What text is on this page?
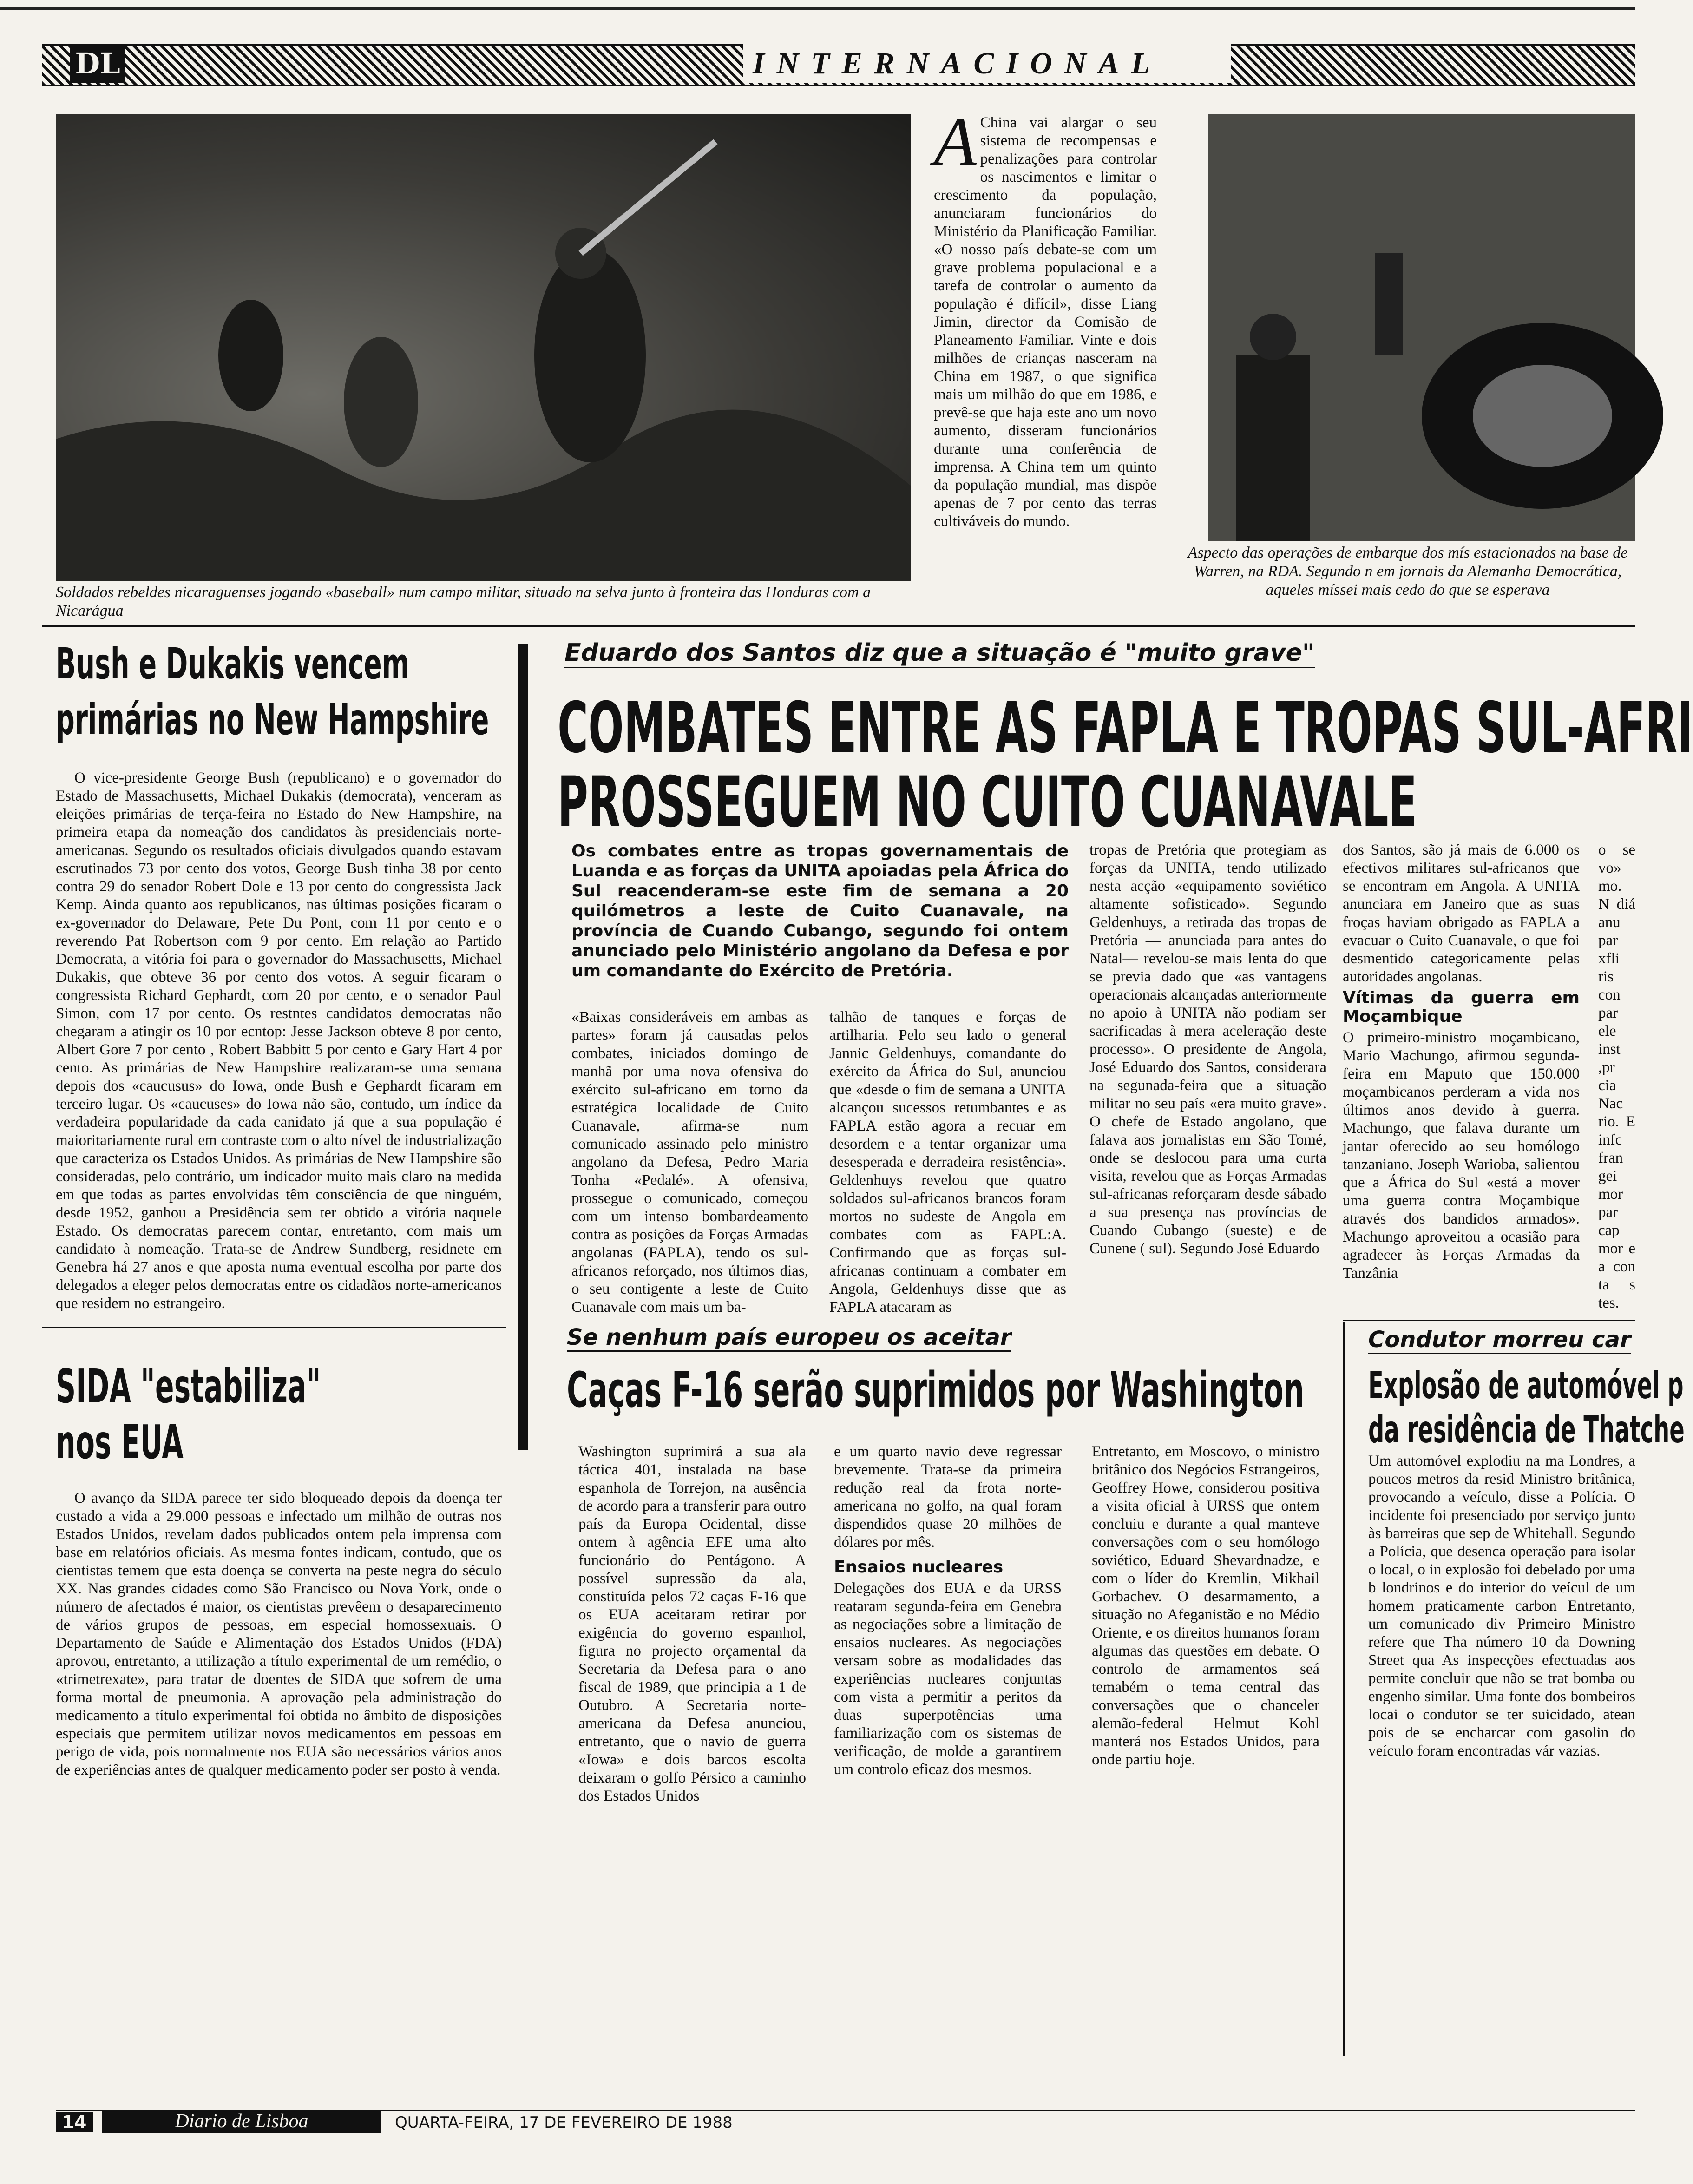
DL	INTERNACIONAL
Soldados rebeldes nicaraguenses jogando «baseball» num campo militar, situado na selva junto à fronteira das Honduras com a Nicarágua
A China vai alargar o seu sistema de recompensas e penalizações para controlar os nascimentos e limitar o crescimento da população, anunciaram funcionários do Ministério da Planificação Familiar. «O nosso país debate-se com um grave problema populacional e a tarefa de controlar o aumento da população é difícil», disse Liang Jimin, director da Comisão de Planeamento Familiar. Vinte e dois milhões de crianças nasceram na China em 1987, o que significa mais um milhão do que em 1986, e prevê-se que haja este ano um novo aumento, disseram funcionários durante uma conferência de imprensa. A China tem um quinto da população mundial, mas dispõe apenas de 7 por cento das terras cultiváveis do mundo.
Aspecto das operações de embarque dos mís estacionados na base de Warren, na RDA. Segundo n em jornais da Alemanha Democrática, aqueles míssei mais cedo do que se esperava
Bush e Dukakis vencem
primárias no New Hampshire

O vice-presidente George Bush (republicano) e o governador do Estado de Massachusetts, Michael Dukakis (democrata), venceram as eleições primárias de terça-feira no Estado do New Hampshire, na primeira etapa da nomeação dos candidatos às presidenciais norte-americanas. Segundo os resultados oficiais divulgados quando estavam escrutinados 73 por cento dos votos, George Bush tinha 38 por cento contra 29 do senador Robert Dole e 13 por cento do congressista Jack Kemp. Ainda quanto aos republicanos, nas últimas posições ficaram o ex-governador do Delaware, Pete Du Pont, com 11 por cento e o reverendo Pat Robertson com 9 por cento. Em relação ao Partido Democrata, a vitória foi para o governador do Massachusetts, Michael Dukakis, que obteve 36 por cento dos votos. A seguir ficaram o congressista Richard Gephardt, com 20 por cento, e o senador Paul Simon, com 17 por cento. Os restntes candidatos democratas não chegaram a atingir os 10 por ecntop: Jesse Jackson obteve 8 por cento, Albert Gore 7 por cento , Robert Babbitt 5 por cento e Gary Hart 4 por cento. As primárias de New Hampshire realizaram-se uma semana depois dos «caucusus» do Iowa, onde Bush e Gephardt ficaram em terceiro lugar. Os «caucuses» do Iowa não são, contudo, um índice da verdadeira popularidade da cada canidato já que a sua população é maioritariamente rural em contraste com o alto nível de industrialização que caracteriza os Estados Unidos. As primárias de New Hampshire são consideradas, pelo contrário, um indicador muito mais claro na medida em que todas as partes envolvidas têm consciência de que ninguém, desde 1952, ganhou a Presidência sem ter obtido a vitória naquele Estado. Os democratas parecem contar, entretanto, com mais um candidato à nomeação. Trata-se de Andrew Sundberg, residnete em Genebra há 27 anos e que aposta numa eventual escolha por parte dos delegados a eleger pelos democratas entre os cidadãos norte-americanos que residem no estrangeiro.

Eduardo dos Santos diz que a situação é "muito grave"
COMBATES ENTRE AS FAPLA E TROPAS SUL-AFRI
PROSSEGUEM NO CUITO CUANAVALE
Os combates entre as tropas governamentais de Luanda e as forças da UNITA apoiadas pela África do Sul reacenderam-se este fim de semana a 20 quilómetros a leste de Cuito Cuanavale, na província de Cuando Cubango, segundo foi ontem anunciado pelo Ministério angolano da Defesa e por um comandante do Exército de Pretória.
«Baixas consideráveis em ambas as partes» foram já causadas pelos combates, iniciados domingo de manhã por uma nova ofensiva do exército sul-africano em torno da estratégica localidade de Cuito Cuanavale, afirma-se num comunicado assinado pelo ministro angolano da Defesa, Pedro Maria Tonha «Pedalé». A ofensiva, prossegue o comunicado, começou com um intenso bombardeamento contra as posições da Forças Armadas angolanas (FAPLA), tendo os sul-africanos reforçado, nos últimos dias, o seu contigente a leste de Cuito Cuanavale com mais um ba-
talhão de tanques e forças de artilharia. Pelo seu lado o general Jannic Geldenhuys, comandante do exército da África do Sul, anunciou que «desde o fim de semana a UNITA alcançou sucessos retumbantes e as FAPLA estão agora a recuar em desordem e a tentar organizar uma desesperada e derradeira resistência». Geldenhuys revelou que quatro soldados sul-africanos brancos foram mortos no sudeste de Angola em combates com as FAPL:A. Confirmando que as forças sul-africanas continuam a combater em Angola, Geldenhuys disse que as FAPLA atacaram as
tropas de Pretória que protegiam as forças da UNITA, tendo utilizado nesta acção «equipamento soviético altamente sofisticado». Segundo Geldenhuys, a retirada das tropas de Pretória — anunciada para antes do Natal— revelou-se mais lenta do que se previa dado que «as vantagens operacionais alcançadas anteriormente no apoio à UNITA não podiam ser sacrificadas à mera aceleração deste processo». O presidente de Angola, José Eduardo dos Santos, considerara na segunada-feira que a situação militar no seu país «era muito grave». O chefe de Estado angolano, que falava aos jornalistas em São Tomé, onde se deslocou para uma curta visita, revelou que as Forças Armadas sul-africanas reforçaram desde sábado a sua presença nas províncias de Cuando Cubango (sueste) e de Cunene ( sul). Segundo José Eduardo
dos Santos, são já mais de 6.000 os efectivos militares sul-africanos que se encontram em Angola. A UNITA anunciara em Janeiro que as suas froças haviam obrigado as FAPLA a evacuar o Cuito Cuanavale, o que foi desmentido categoricamente pelas autoridades angolanas.
Vítimas da guerra em Moçambique
O primeiro-ministro moçambicano, Mario Machungo, afirmou segunda-feira em Maputo que 150.000 moçambicanos perderam a vida nos últimos anos devido à guerra. Machungo, que falava durante um jantar oferecido ao seu homólogo tanzaniano, Joseph Warioba, salientou que a África do Sul «está a mover uma guerra contra Moçambique através dos bandidos armados». Machungo aproveitou a ocasião para agradecer às Forças Armadas da Tanzânia
o se vo» mo. N diá anu par xfli ris con par ele inst ,pr cia Nac rio. E infc fran gei mor par cap mor e a con ta s tes.
Se nenhum país europeu os aceitar
Caças F-16 serão suprimidos por Washington
Washington suprimirá a sua ala táctica 401, instalada na base espanhola de Torrejon, na ausência de acordo para a transferir para outro país da Europa Ocidental, disse ontem à agência EFE uma alto funcionário do Pentágono. A possível supressão da ala, constituída pelos 72 caças F-16 que os EUA aceitaram retirar por exigência do governo espanhol, figura no projecto orçamental da Secretaria da Defesa para o ano fiscal de 1989, que principia a 1 de Outubro. A Secretaria norte-americana da Defesa anunciou, entretanto, que o navio de guerra «Iowa» e dois barcos escolta deixaram o golfo Pérsico a caminho dos Estados Unidos
e um quarto navio deve regressar brevemente. Trata-se da primeira redução real da frota norte-americana no golfo, na qual foram dispendidos quase 20 milhões de dólares por mês.
Ensaios nucleares
Delegações dos EUA e da URSS reataram segunda-feira em Genebra as negociações sobre a limitação de ensaios nucleares. As negociações versam sobre as modalidades das experiências nucleares conjuntas com vista a permitir a peritos da duas superpotências uma familiarização com os sistemas de verificação, de molde a garantirem um controlo eficaz dos mesmos.
Entretanto, em Moscovo, o ministro britânico dos Negócios Estrangeiros, Geoffrey Howe, considerou positiva a visita oficial à URSS que ontem concluiu e durante a qual manteve conversações com o seu homólogo soviético, Eduard Shevardnadze, e com o líder do Kremlin, Mikhail Gorbachev. O desarmamento, a situação no Afeganistão e no Médio Oriente, e os direitos humanos foram algumas das questões em debate. O controlo de armamentos seá temabém o tema central das conversações que o chanceler alemão-federal Helmut Kohl manterá nos Estados Unidos, para onde partiu hoje.
Condutor morreu car
Explosão de automóvel p
da residência de Thatche
Um automóvel explodiu na ma Londres, a poucos metros da resid Ministro britânica, provocando a veículo, disse a Polícia. O incidente foi presenciado por serviço junto às barreiras que sep de Whitehall. Segundo a Polícia, que desenca operação para isolar o local, o in explosão foi debelado por uma b londrinos e do interior do veícul de um homem praticamente carbon Entretanto, um comunicado div Primeiro Ministro refere que Tha número 10 da Downing Street qua As inspecções efectuadas aos permite concluir que não se trat bomba ou engenho similar. Uma fonte dos bombeiros locai o condutor se ter suicidado, atean pois de se encharcar com gasolin do veículo foram encontradas vár vazias.
SIDA "estabiliza"
nos EUA

O avanço da SIDA parece ter sido bloqueado depois da doença ter custado a vida a 29.000 pessoas e infectado um milhão de outras nos Estados Unidos, revelam dados publicados ontem pela imprensa com base em relatórios oficiais. As mesma fontes indicam, contudo, que os cientistas temem que esta doença se converta na peste negra do século XX. Nas grandes cidades como São Francisco ou Nova York, onde o número de afectados é maior, os cientistas prevêem o desaparecimento de vários grupos de pessoas, em especial homossexuais. O Departamento de Saúde e Alimentação dos Estados Unidos (FDA) aprovou, entretanto, a utilização a título experimental de um remédio, o «trimetrexate», para tratar de doentes de SIDA que sofrem de uma forma mortal de pneumonia. A aprovação pela administração do medicamento a título experimental foi obtida no âmbito de disposições especiais que permitem utilizar novos medicamentos em pessoas em perigo de vida, pois normalmente nos EUA são necessários vários anos de experiências antes de qualquer medicamento poder ser posto à venda.

14	Diario de Lisboa	QUARTA-FEIRA, 17 DE FEVEREIRO DE 1988
